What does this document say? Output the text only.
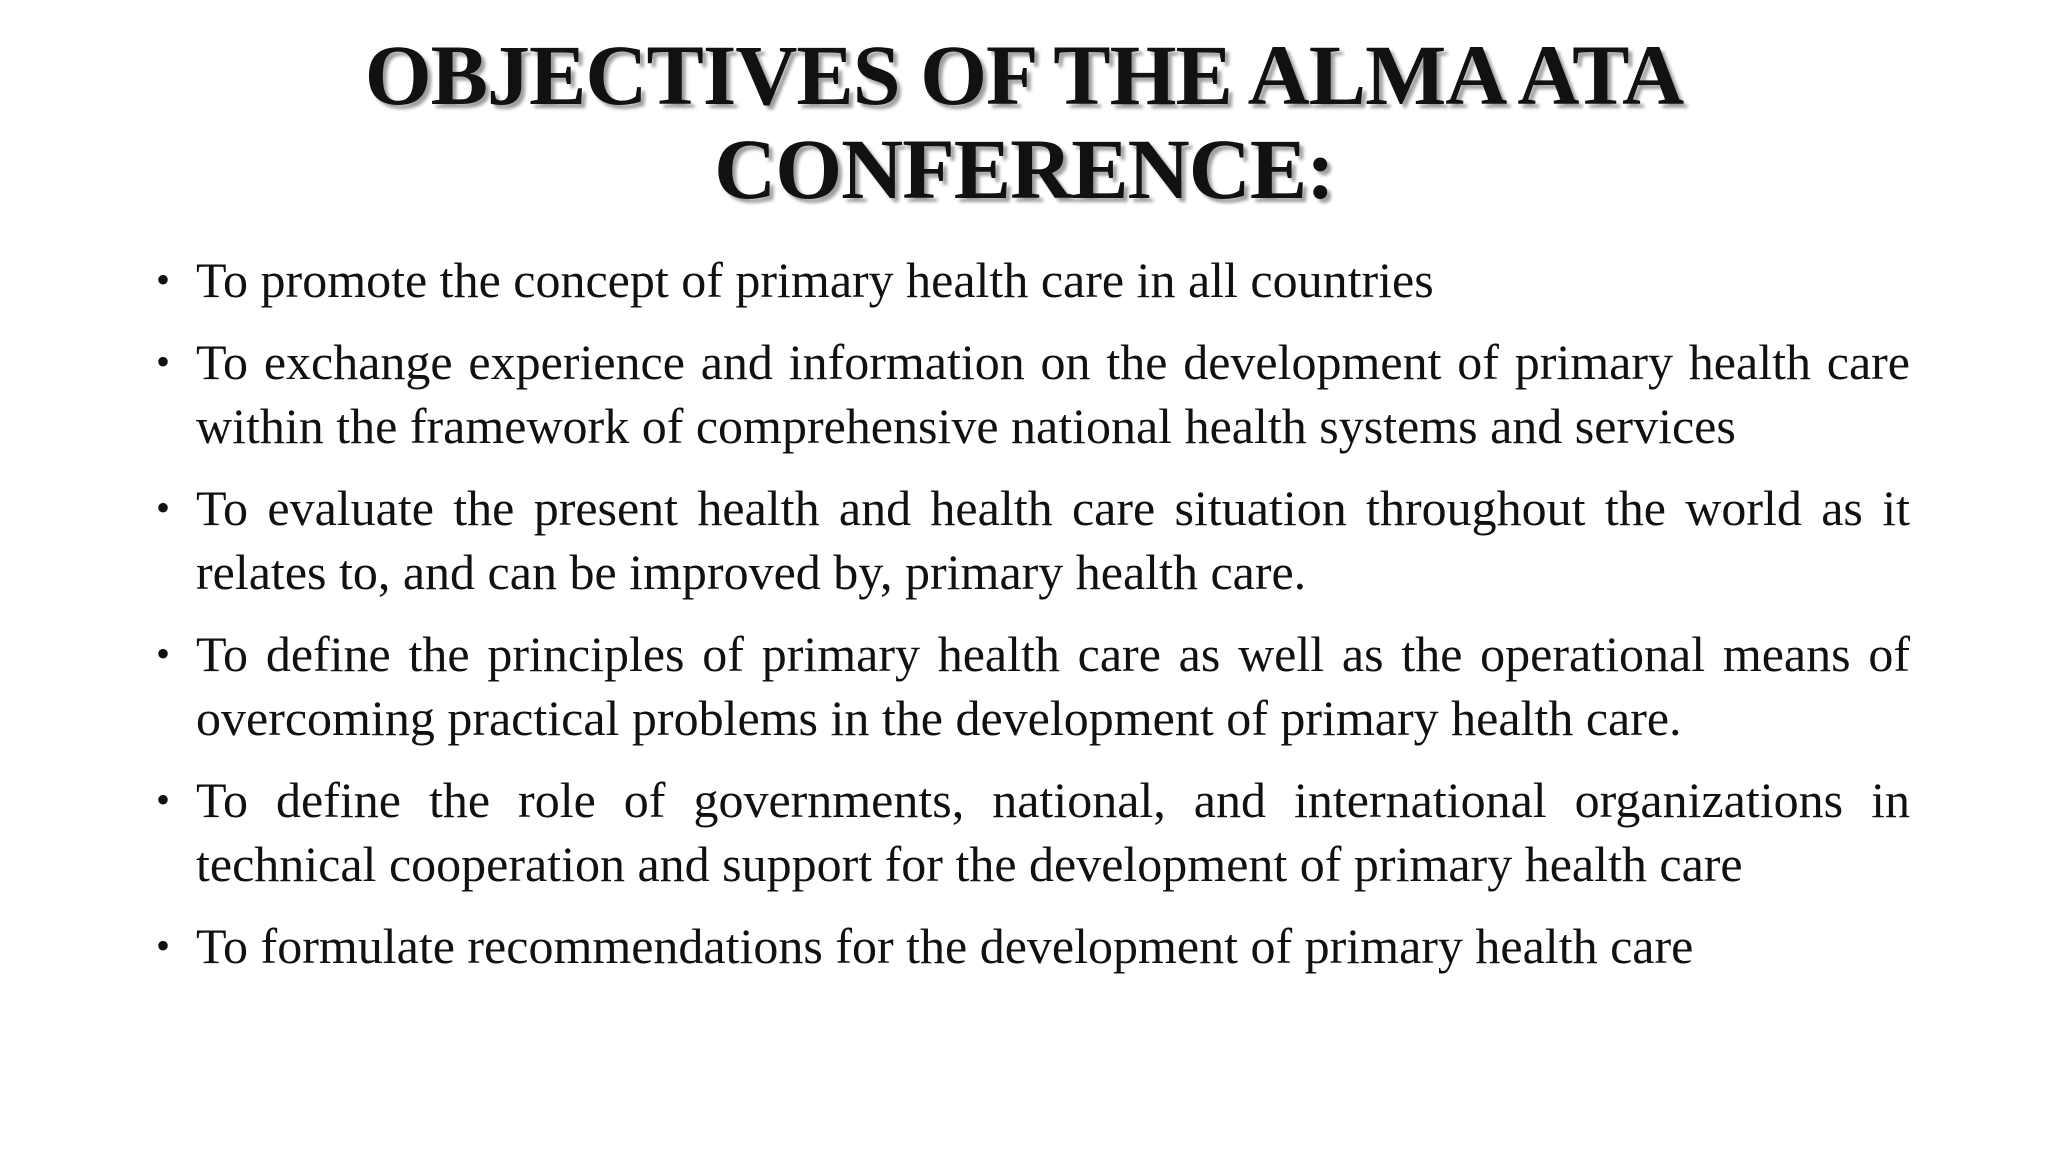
OBJECTIVES OF THE ALMA ATA
CONFERENCE:
• To promote the concept of primary health care in all countries
• To exchange experience and information on the development of primary health care within the framework of comprehensive national health systems and services
• To evaluate the present health and health care situation throughout the world as it relates to, and can be improved by, primary health care.
• To define the principles of primary health care as well as the operational means of overcoming practical problems in the development of primary health care.
• To define the role of governments, national, and international organizations in technical cooperation and support for the development of primary health care
• To formulate recommendations for the development of primary health care
